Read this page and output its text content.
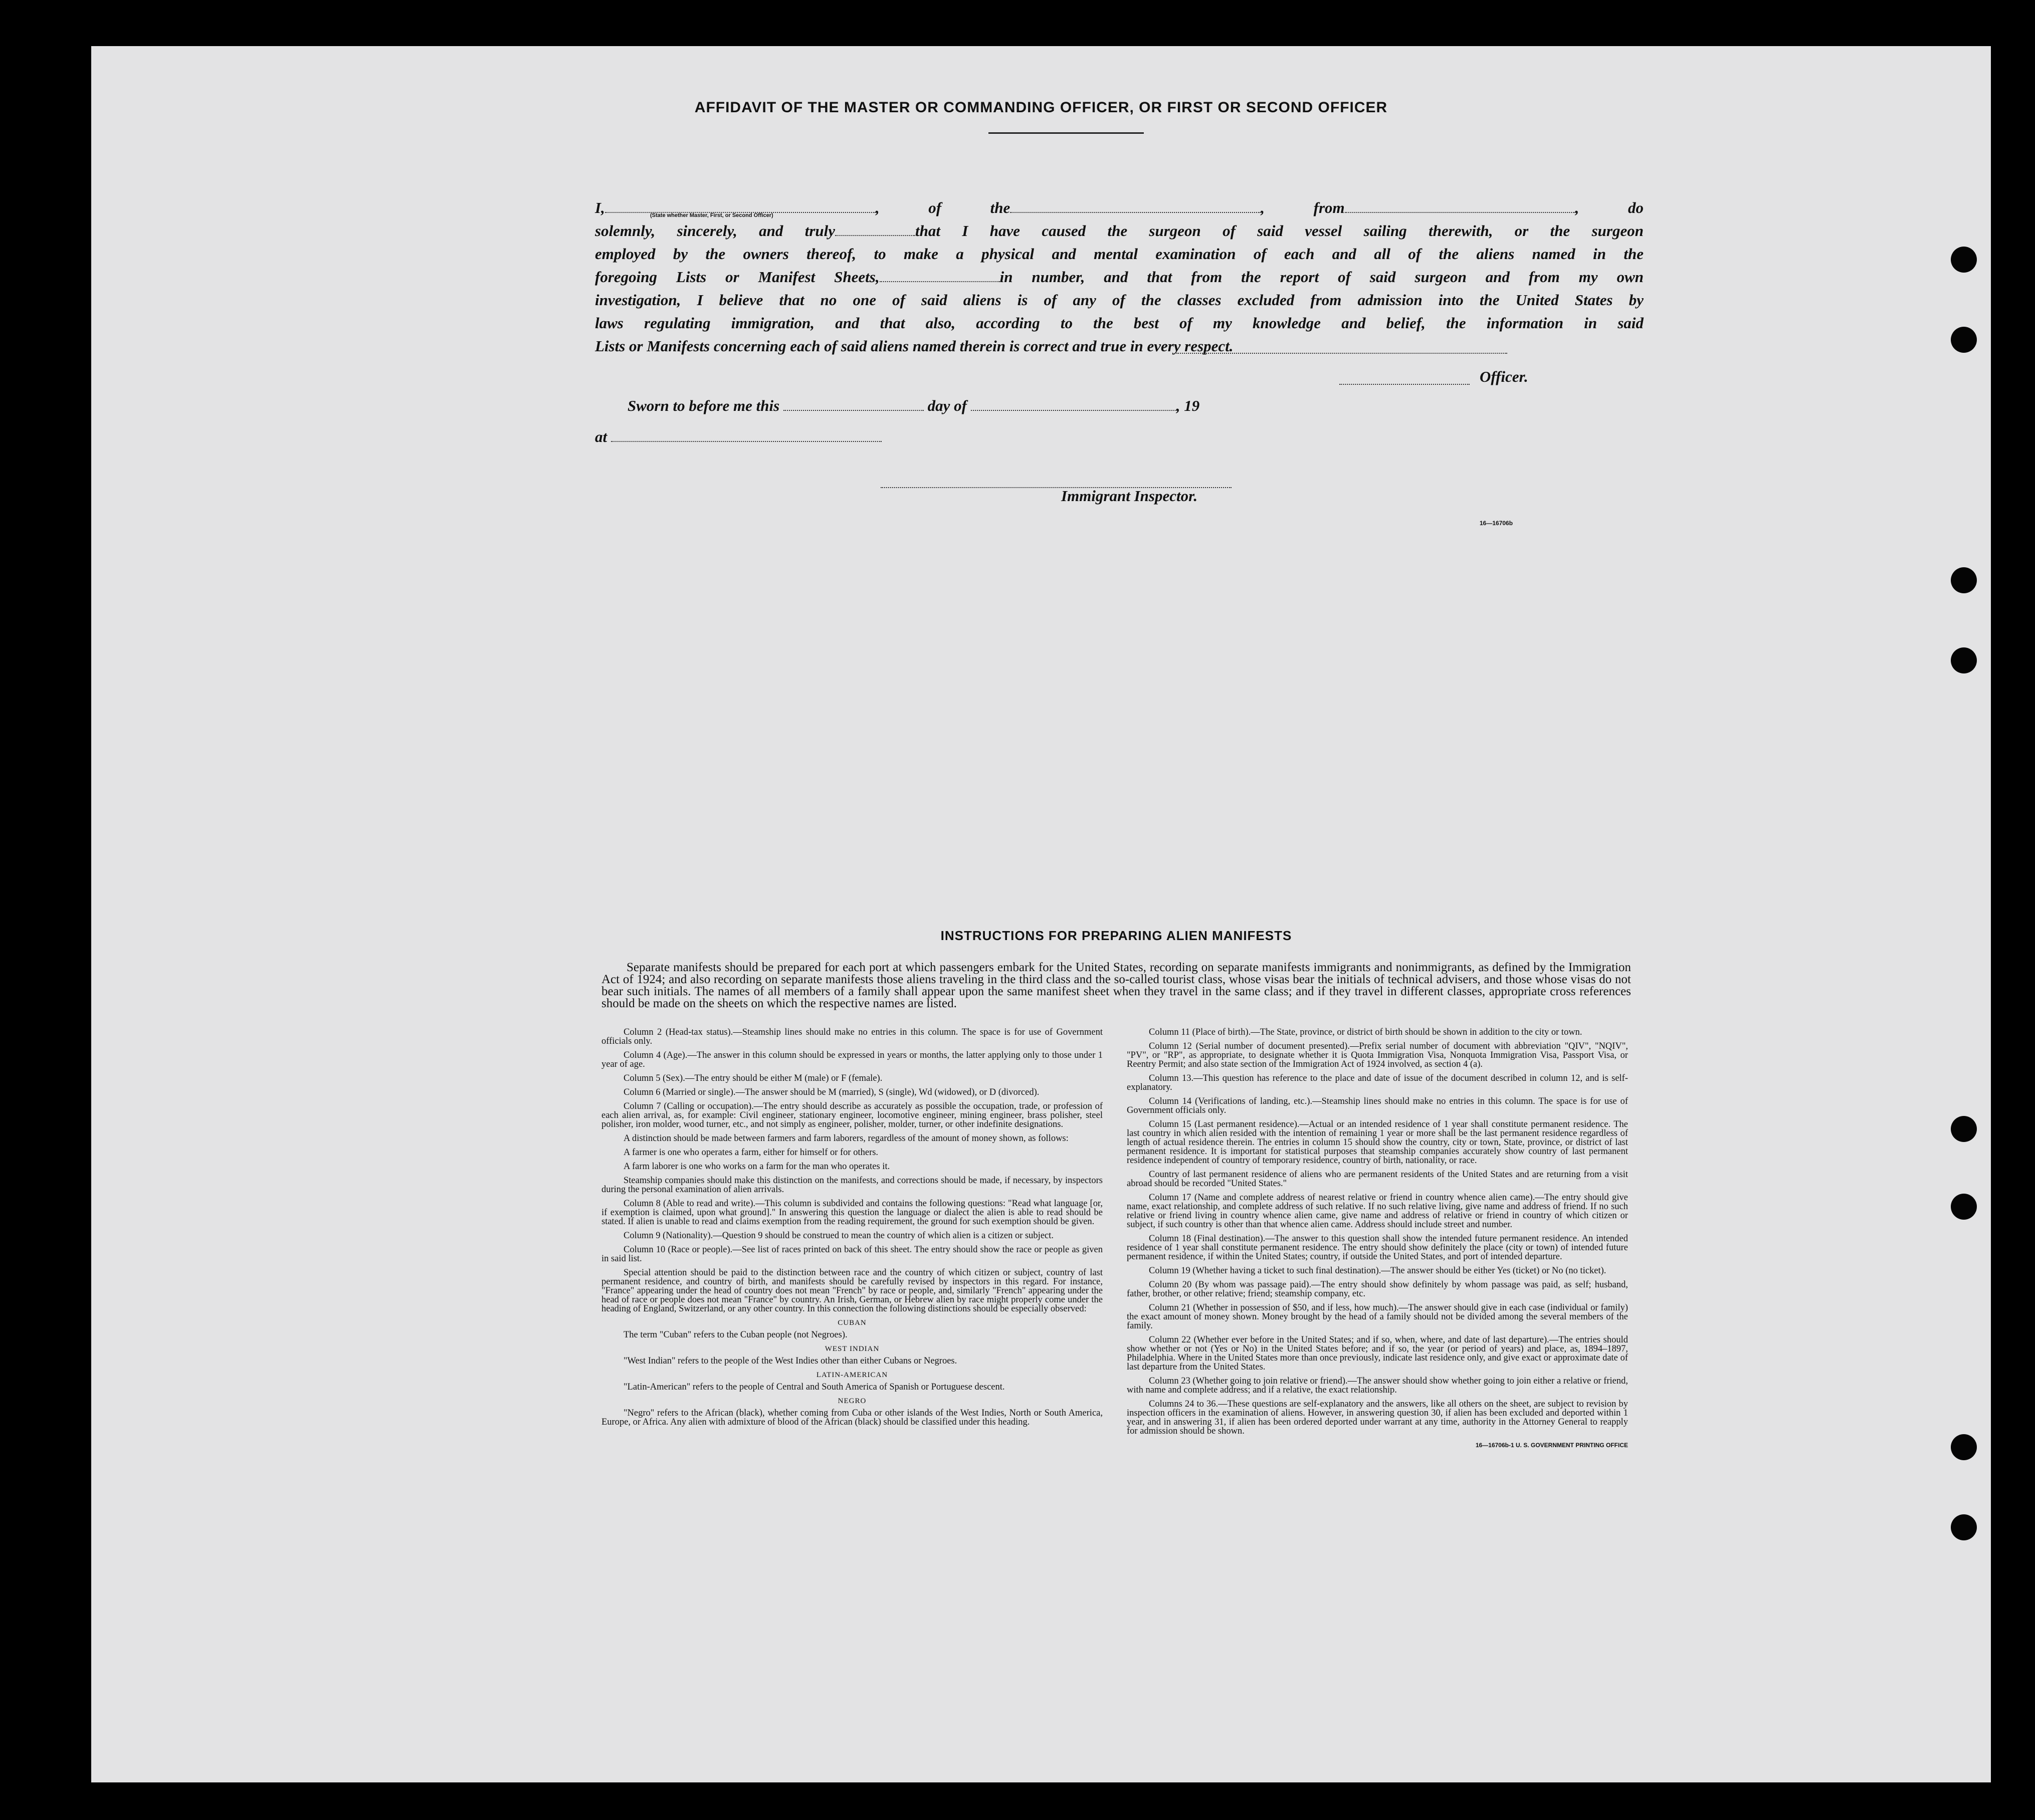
AFFIDAVIT OF THE MASTER OR COMMANDING OFFICER, OR FIRST OR SECOND OFFICER
I,	, of the	, from	, do
solemnly, sincerely, and truly	that I have caused the surgeon of said vessel sailing therewith, or the surgeon
employed by the owners thereof, to make a physical and mental examination of each and all of the aliens named in the
foregoing Lists or Manifest Sheets,	in number, and that from the report of said surgeon and from my own
investigation, I believe that no one of said aliens is of any of the classes excluded from admission into the United States by
laws regulating immigration, and that also, according to the best of my knowledge and belief, the information in said
Lists or Manifests concerning each of said aliens named therein is correct and true in every respect.
(State whether Master, First, or Second Officer)
Officer.
Sworn to before me this	day of	, 19
at
Immigrant Inspector.
16—16706b
INSTRUCTIONS FOR PREPARING ALIEN MANIFESTS

Separate manifests should be prepared for each port at which passengers embark for the United States, recording on separate manifests immigrants and nonimmigrants, as defined by the Immigration Act of 1924; and also recording on separate manifests those aliens traveling in the third class and the so-called tourist class, whose visas bear the initials of technical advisers, and those whose visas do not bear such initials. The names of all members of a family shall appear upon the same manifest sheet when they travel in the same class; and if they travel in different classes, appropriate cross references should be made on the sheets on which the respective names are listed.

Column 2 (Head-tax status).—Steamship lines should make no entries in this column. The space is for use of Government officials only.

Column 4 (Age).—The answer in this column should be expressed in years or months, the latter applying only to those under 1 year of age.

Column 5 (Sex).—The entry should be either M (male) or F (female).

Column 6 (Married or single).—The answer should be M (married), S (single), Wd (widowed), or D (divorced).

Column 7 (Calling or occupation).—The entry should describe as accurately as possible the occupation, trade, or profession of each alien arrival, as, for example: Civil engineer, stationary engineer, locomotive engineer, mining engineer, brass polisher, steel polisher, iron molder, wood turner, etc., and not simply as engineer, polisher, molder, turner, or other indefinite designations.

A distinction should be made between farmers and farm laborers, regardless of the amount of money shown, as follows:

A farmer is one who operates a farm, either for himself or for others.

A farm laborer is one who works on a farm for the man who operates it.

Steamship companies should make this distinction on the manifests, and corrections should be made, if necessary, by inspectors during the personal examination of alien arrivals.

Column 8 (Able to read and write).—This column is subdivided and contains the following questions: "Read what language [or, if exemption is claimed, upon what ground]." In answering this question the language or dialect the alien is able to read should be stated. If alien is unable to read and claims exemption from the reading requirement, the ground for such exemption should be given.

Column 9 (Nationality).—Question 9 should be construed to mean the country of which alien is a citizen or subject.

Column 10 (Race or people).—See list of races printed on back of this sheet. The entry should show the race or people as given in said list.

Special attention should be paid to the distinction between race and the country of which citizen or subject, country of last permanent residence, and country of birth, and manifests should be carefully revised by inspectors in this regard. For instance, "France" appearing under the head of country does not mean "French" by race or people, and, similarly "French" appearing under the head of race or people does not mean "France" by country. An Irish, German, or Hebrew alien by race might properly come under the heading of England, Switzerland, or any other country. In this connection the following distinctions should be especially observed:

CUBAN

The term "Cuban" refers to the Cuban people (not Negroes).

WEST INDIAN

"West Indian" refers to the people of the West Indies other than either Cubans or Negroes.

LATIN-AMERICAN

"Latin-American" refers to the people of Central and South America of Spanish or Portuguese descent.

NEGRO

"Negro" refers to the African (black), whether coming from Cuba or other islands of the West Indies, North or South America, Europe, or Africa. Any alien with admixture of blood of the African (black) should be classified under this heading.

Column 11 (Place of birth).—The State, province, or district of birth should be shown in addition to the city or town.

Column 12 (Serial number of document presented).—Prefix serial number of document with abbreviation "QIV", "NQIV", "PV", or "RP", as appropriate, to designate whether it is Quota Immigration Visa, Nonquota Immigration Visa, Passport Visa, or Reentry Permit; and also state section of the Immigration Act of 1924 involved, as section 4 (a).

Column 13.—This question has reference to the place and date of issue of the document described in column 12, and is self-explanatory.

Column 14 (Verifications of landing, etc.).—Steamship lines should make no entries in this column. The space is for use of Government officials only.

Column 15 (Last permanent residence).—Actual or an intended residence of 1 year shall constitute permanent residence. The last country in which alien resided with the intention of remaining 1 year or more shall be the last permanent residence regardless of length of actual residence therein. The entries in column 15 should show the country, city or town, State, province, or district of last permanent residence. It is important for statistical purposes that steamship companies accurately show country of last permanent residence independent of country of temporary residence, country of birth, nationality, or race.

Country of last permanent residence of aliens who are permanent residents of the United States and are returning from a visit abroad should be recorded "United States."

Column 17 (Name and complete address of nearest relative or friend in country whence alien came).—The entry should give name, exact relationship, and complete address of such relative. If no such relative living, give name and address of friend. If no such relative or friend living in country whence alien came, give name and address of relative or friend in country of which citizen or subject, if such country is other than that whence alien came. Address should include street and number.

Column 18 (Final destination).—The answer to this question shall show the intended future permanent residence. An intended residence of 1 year shall constitute permanent residence. The entry should show definitely the place (city or town) of intended future permanent residence, if within the United States; country, if outside the United States, and port of intended departure.

Column 19 (Whether having a ticket to such final destination).—The answer should be either Yes (ticket) or No (no ticket).

Column 20 (By whom was passage paid).—The entry should show definitely by whom passage was paid, as self; husband, father, brother, or other relative; friend; steamship company, etc.

Column 21 (Whether in possession of $50, and if less, how much).—The answer should give in each case (individual or family) the exact amount of money shown. Money brought by the head of a family should not be divided among the several members of the family.

Column 22 (Whether ever before in the United States; and if so, when, where, and date of last departure).—The entries should show whether or not (Yes or No) in the United States before; and if so, the year (or period of years) and place, as, 1894–1897, Philadelphia. Where in the United States more than once previously, indicate last residence only, and give exact or approximate date of last departure from the United States.

Column 23 (Whether going to join relative or friend).—The answer should show whether going to join either a relative or friend, with name and complete address; and if a relative, the exact relationship.

Columns 24 to 36.—These questions are self-explanatory and the answers, like all others on the sheet, are subject to revision by inspection officers in the examination of aliens. However, in answering question 30, if alien has been excluded and deported within 1 year, and in answering 31, if alien has been ordered deported under warrant at any time, authority in the Attorney General to reapply for admission should be shown.

16—16706b-1 U. S. GOVERNMENT PRINTING OFFICE
